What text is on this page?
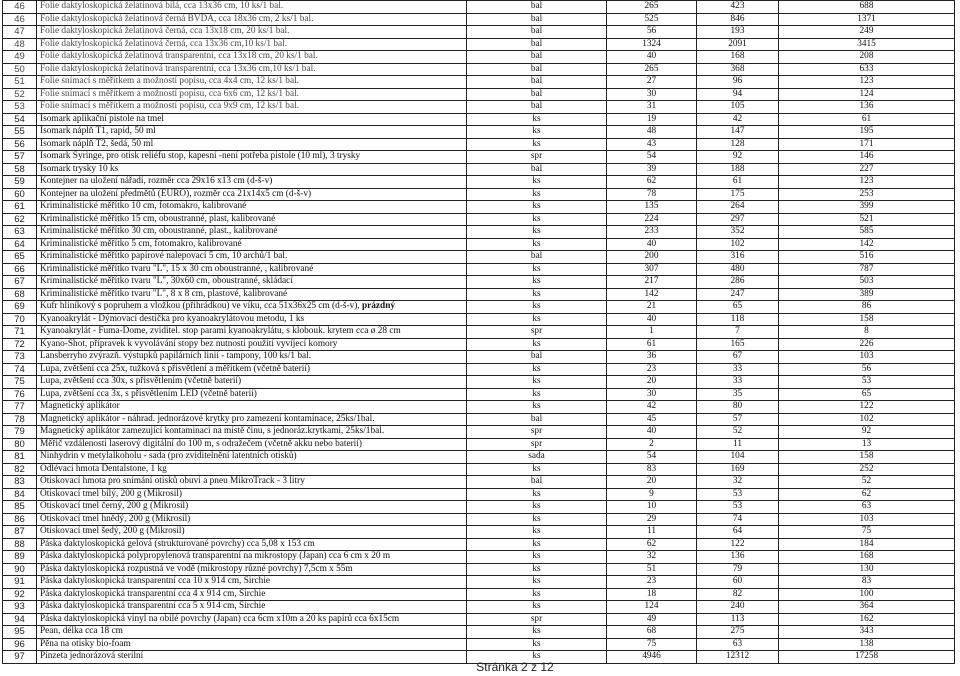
46	Folie daktyloskopická želatinová bílá, cca 13x36 cm, 10 ks/1 bal.	bal	265	423	688
46	Folie daktyloskopická želatinová černá BVDA, cca 18x36 cm, 2 ks/1 bal.	bal	525	846	1371
47	Folie daktyloskopická želatinová černá, cca 13x18 cm, 20 ks/1 bal.	bal	56	193	249
48	Folie daktyloskopická želatinová černá, cca 13x36 cm,10 ks/1 bal.	bal	1324	2091	3415
49	Folie daktyloskopická želatinová transparentní, cca 13x18 cm, 20 ks/1 bal.	bal	40	168	208
50	Folie daktyloskopická želatinová transparentní, cca 13x36 cm,10 ks/1 bal.	bal	265	368	633
51	Folie snímací s měřítkem a možností popisu, cca 4x4 cm, 12 ks/1 bal.	bal	27	96	123
52	Folie snímací s měřítkem a možností popisu, cca 6x6 cm, 12 ks/1 bal.	bal	30	94	124
53	Folie snímací s měřítkem a možností popisu, cca 9x9 cm, 12 ks/1 bal.	bal	31	105	136
54	Isomark aplikační pistole na tmel	ks	19	42	61
55	Isomark náplň T1, rapid, 50 ml	ks	48	147	195
56	Isomark náplň T2, šedá, 50 ml	ks	43	128	171
57	Isomark Syringe, pro otisk reliéfu stop, kapesní -není potřeba pistole (10 ml), 3 trysky	spr	54	92	146
58	Isomark trysky 10 ks	bal	39	188	227
59	Kontejner na uložení nářadí, rozměr cca 29x16 x13 cm (d-š-v)	ks	62	61	123
60	Kontejner na uložení předmětů (EURO), rozměr cca 21x14x5 cm (d-š-v)	ks	78	175	253
61	Kriminalistické měřítko 10 cm, fotomakro, kalibrované	ks	135	264	399
62	Kriminalistické měřítko 15 cm, oboustranné, plast, kalibrované	ks	224	297	521
63	Kriminalistické měřítko 30 cm, oboustranné, plast., kalibrované	ks	233	352	585
64	Kriminalistické měřítko 5 cm, fotomakro, kalibrované	ks	40	102	142
65	Kriminalistické měřítko papírové nalepovací 5 cm, 10 archů/1 bal.	bal	200	316	516
66	Kriminalistické měřítko tvaru "L", 15 x 30 cm oboustranné, , kalibrované	ks	307	480	787
67	Kriminalistické měřítko tvaru "L", 30x60 cm, oboustranné, skládací	ks	217	286	503
68	Kriminalistické měřítko tvaru "L", 8 x 8 cm, plastové, kalibrované	ks	142	247	389
69	Kufr hliníkový s popruhem a vložkou (přihrádkou) ve víku, cca 51x36x25 cm (d-š-v), prázdný	ks	21	65	86
70	Kyanoakrylát - Dýmovací destička pro kyanoakrylátovou metodu, 1 ks	ks	40	118	158
71	Kyanoakrylát - Fuma-Dome, zviditel. stop parami kyanoakrylátu, s klobouk. krytem cca ø 28 cm	spr	1	7	8
72	Kyano-Shot, přípravek k vyvolávání stopy bez nutnosti použití vyvíjecí komory	ks	61	165	226
73	Lansberryho zvýrazň. výstupků papilárních linií - tampony, 100 ks/1 bal.	bal	36	67	103
74	Lupa, zvětšení cca 25x, tužková s přisvětlení a měřítkem (včetně baterií)	ks	23	33	56
75	Lupa, zvětšení cca 30x, s přisvětlením (včetně baterií)	ks	20	33	53
76	Lupa, zvětšení cca 3x, s přisvětlením LED (včetně baterií)	ks	30	35	65
77	Magnetický aplikátor	ks	42	80	122
78	Magnetický aplikátor - náhrad. jednorázové krytky pro zamezení kontaminace, 25ks/1bal.	bal	45	57	102
79	Magnetický aplikátor zamezující kontaminaci na místě činu, s jednoráz.krytkami, 25ks/1bal.	spr	40	52	92
80	Měřič vzdálenosti laserový digitální do 100 m, s odražečem (včetně akku nebo baterií)	spr	2	11	13
81	Ninhydrin v metylalkoholu - sada (pro zviditelnění latentních otisků)	sada	54	104	158
82	Odlévací hmota Dentalstone, 1 kg	ks	83	169	252
83	Otiskovací hmota pro snímání otisků obuvi a pneu MikroTrack - 3 litry	bal	20	32	52
84	Otiskovací tmel bílý, 200 g (Mikrosil)	ks	9	53	62
85	Otiskovací tmel černý, 200 g (Mikrosil)	ks	10	53	63
86	Otiskovací tmel hnědý, 200 g (Mikrosil)	ks	29	74	103
87	Otiskovací tmel šedý, 200 g (Mikrosil)	ks	11	64	75
88	Páska daktyloskopická gelová (strukturované povrchy) cca 5,08 x 153 cm	ks	62	122	184
89	Páska daktyloskopická polypropylenová transparentní na mikrostopy (Japan) cca 6 cm x 20 m	ks	32	136	168
90	Páska daktyloskopická rozpustná ve vodě (mikrostopy různé povrchy) 7,5cm x 55m	ks	51	79	130
91	Páska daktyloskopická transparentní cca 10 x 914 cm, Sirchie	ks	23	60	83
92	Páska daktyloskopická transparentní cca 4 x 914 cm, Sirchie	ks	18	82	100
93	Páska daktyloskopická transparentní cca 5 x 914 cm, Sirchie	ks	124	240	364
94	Páska daktyloskopická vinyl na obilé povrchy (Japan) cca 6cm x10m a 20 ks papírů cca 6x15cm	spr	49	113	162
95	Pean, délka cca 18 cm	ks	68	275	343
96	Pěna na otisky bio-foam	ks	75	63	138
97	Pinzeta jednorázová sterilní	ks	4946	12312	17258
Stránka 2 z 12
